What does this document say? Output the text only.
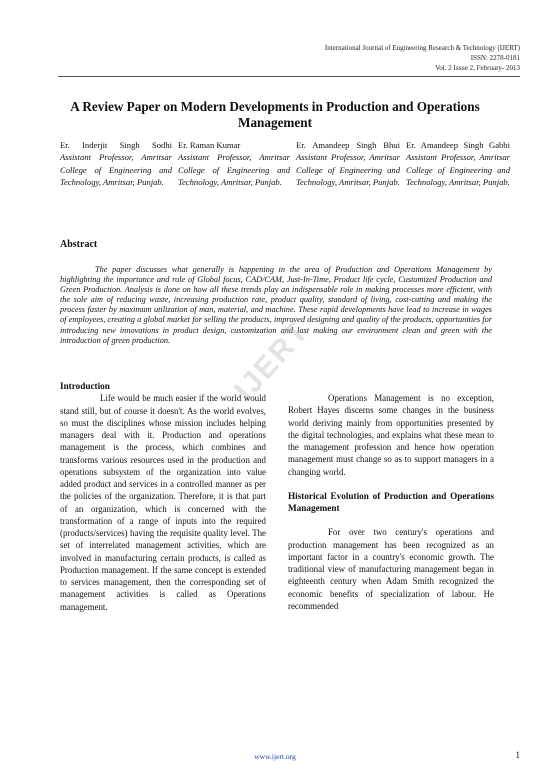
International Journal of Engineering Research & Technology (IJERT)
ISSN: 2278-0181
Vol. 2 Issue 2, February- 2013
A Review Paper on Modern Developments in Production and Operations Management
Er. Inderjit Singh Sodhi
Assistant Professor, Amritsar College of Engineering and Technology, Amritsar, Punjab.
Er. Raman Kumar
Assistant Professor, Amritsar College of Engineering and Technology, Amritsar, Punjab.
Er. Amandeep Singh Bhui
Assistant Professor, Amritsar College of Engineering and Technology, Amritsar, Punjab.
Er. Amandeep Singh Gabbi
Assistant Professor, Amritsar College of Engineering and Technology, Amritsar, Punjab.
Abstract

The paper discusses what generally is happening in the area of Production and Operations Management by highlighting the importance and role of Global focus, CAD/CAM, Just-In-Time, Product life cycle, Customized Production and Green Production. Analysis is done on how all these trends play an indispensable role in making processes more efficient, with the sole aim of reducing waste, increasing production rate, product quality, standard of living, cost-cutting and making the process faster by maximum utilization of man, material, and machine. These rapid developments have lead to increase in wages of employees, creating a global market for selling the products, improved designing and quality of the products, opportunities for introducing new innovations in product design, customization and last making our environment clean and green with the introduction of green production.	IJERT
Introduction

Life would be much easier if the world would stand still, but of course it doesn't. As the world evolves, so must the disciplines whose mission includes helping managers deal with it. Production and operations management is the process, which combines and transforms various resources used in the production and operations subsystem of the organization into value added product and services in a controlled manner as per the policies of the organization. Therefore, it is that part of an organization, which is concerned with the transformation of a range of inputs into the required (products/services) having the requisite quality level. The set of interrelated management activities, which are involved in manufacturing certain products, is called as Production management. If the same concept is extended to services management, then the corresponding set of management activities is called as Operations management.

Operations Management is no exception, Robert Hayes discerns some changes in the business world deriving mainly from opportunities presented by the digital technologies, and explains what these mean to the management profession and hence how operation management must change so as to support managers in a changing world.

Historical Evolution of Production and Operations Management

For over two century's operations and production management has been recognized as an important factor in a country's economic growth. The traditional view of manufacturing management began in eighteenth century when Adam Smith recognized the economic benefits of specialization of labour. He recommended

www.ijert.org	1
